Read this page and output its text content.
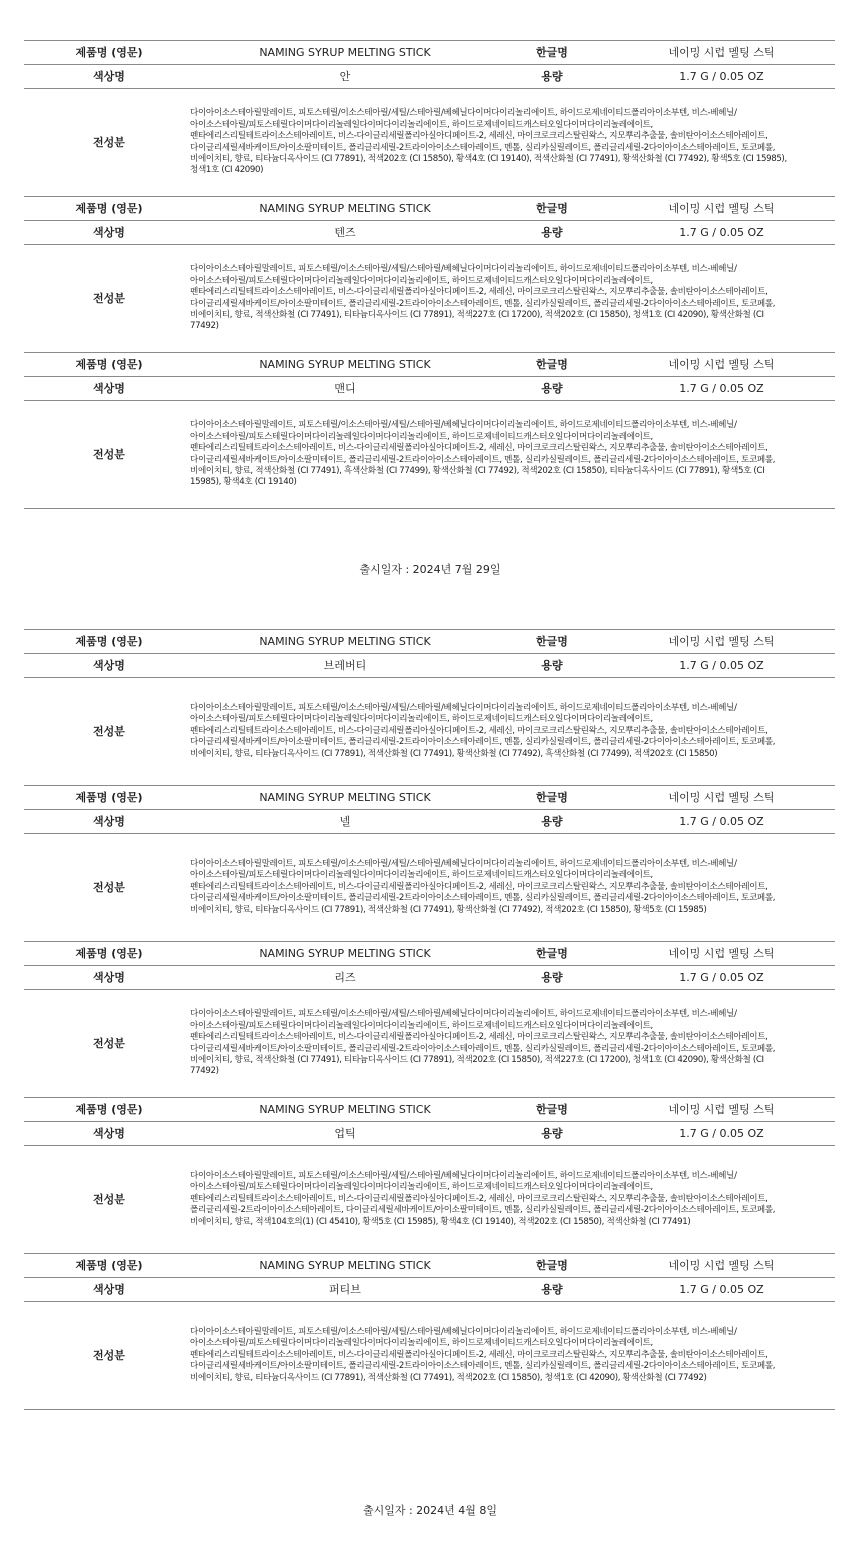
제품명 (영문)	NAMING SYRUP MELTING STICK	한글명	네이밍 시럽 멜팅 스틱
색상명	안	용량	1.7 G / 0.05 OZ
전성분
다이아이소스테아릴말레이트, 피토스테릴/이소스테아릴/세틸/스테아릴/베헤닐다이머다이리놀리에이트, 하이드로제네이티드폴리아이소부텐, 비스-베헤닐/아이소스테아릴/피토스테릴다이머다이리놀레일다이머다이리놀리에이트, 하이드로제네이티드캐스터오일다이머다이리놀레에이트, 펜타에리스리틸테트라이소스테아레이트, 비스-다이글리세릴폴리아실아디페이트-2, 세레신, 마이크로크리스탈린왁스, 지모뿌리추출물, 솔비탄아이소스테아레이트, 다이글리세릴세바케이트/아이소팔미테이트, 폴리글리세릴-2트라이아이소스테아레이트, 멘톨, 실리카실릴레이트, 폴리글리세릴-2다이아이소스테아레이트, 토코페롤, 비에이치티, 향료, 티타늄디옥사이드 (CI 77891), 적색202호 (CI 15850), 황색4호 (CI 19140), 적색산화철 (CI 77491), 황색산화철 (CI 77492), 황색5호 (CI 15985), 청색1호 (CI 42090)
제품명 (영문)	NAMING SYRUP MELTING STICK	한글명	네이밍 시럽 멜팅 스틱
색상명	텐즈	용량	1.7 G / 0.05 OZ
전성분
다이아이소스테아릴말레이트, 피토스테릴/이소스테아릴/세틸/스테아릴/베헤닐다이머다이리놀리에이트, 하이드로제네이티드폴리아이소부텐, 비스-베헤닐/아이소스테아릴/피토스테릴다이머다이리놀레일다이머다이리놀리에이트, 하이드로제네이티드캐스터오일다이머다이리놀레에이트, 펜타에리스리틸테트라이소스테아레이트, 비스-다이글리세릴폴리아실아디페이트-2, 세레신, 마이크로크리스탈린왁스, 지모뿌리추출물, 솔비탄아이소스테아레이트, 다이글리세릴세바케이트/아이소팔미테이트, 폴리글리세릴-2트라이아이소스테아레이트, 멘톨, 실리카실릴레이트, 폴리글리세릴-2다이아이소스테아레이트, 토코페롤, 비에이치티, 향료, 적색산화철 (CI 77491), 티타늄디옥사이드 (CI 77891), 적색227호 (CI 17200), 적색202호 (CI 15850), 청색1호 (CI 42090), 황색산화철 (CI 77492)
제품명 (영문)	NAMING SYRUP MELTING STICK	한글명	네이밍 시럽 멜팅 스틱
색상명	맨디	용량	1.7 G / 0.05 OZ
전성분
다이아이소스테아릴말레이트, 피토스테릴/이소스테아릴/세틸/스테아릴/베헤닐다이머다이리놀리에이트, 하이드로제네이티드폴리아이소부텐, 비스-베헤닐/아이소스테아릴/피토스테릴다이머다이리놀레일다이머다이리놀리에이트, 하이드로제네이티드캐스터오일다이머다이리놀레에이트, 펜타에리스리틸테트라이소스테아레이트, 비스-다이글리세릴폴리아실아디페이트-2, 세레신, 마이크로크리스탈린왁스, 지모뿌리추출물, 솔비탄아이소스테아레이트, 다이글리세릴세바케이트/아이소팔미테이트, 폴리글리세릴-2트라이아이소스테아레이트, 멘톨, 실리카실릴레이트, 폴리글리세릴-2다이아이소스테아레이트, 토코페롤, 비에이치티, 향료, 적색산화철 (CI 77491), 흑색산화철 (CI 77499), 황색산화철 (CI 77492), 적색202호 (CI 15850), 티타늄디옥사이드 (CI 77891), 황색5호 (CI 15985), 황색4호 (CI 19140)
출시일자 : 2024년 7월 29일
제품명 (영문)	NAMING SYRUP MELTING STICK	한글명	네이밍 시럽 멜팅 스틱
색상명	브레버티	용량	1.7 G / 0.05 OZ
전성분
다이아이소스테아릴말레이트, 피토스테릴/이소스테아릴/세틸/스테아릴/베헤닐다이머다이리놀리에이트, 하이드로제네이티드폴리아이소부텐, 비스-베헤닐/아이소스테아릴/피토스테릴다이머다이리놀레일다이머다이리놀리에이트, 하이드로제네이티드캐스터오일다이머다이리놀레에이트, 펜타에리스리틸테트라이소스테아레이트, 비스-다이글리세릴폴리아실아디페이트-2, 세레신, 마이크로크리스탈린왁스, 지모뿌리추출물, 솔비탄아이소스테아레이트, 다이글리세릴세바케이트/아이소팔미테이트, 폴리글리세릴-2트라이아이소스테아레이트, 멘톨, 실리카실릴레이트, 폴리글리세릴-2다이아이소스테아레이트, 토코페롤, 비에이치티, 향료, 티타늄디옥사이드 (CI 77891), 적색산화철 (CI 77491), 황색산화철 (CI 77492), 흑색산화철 (CI 77499), 적색202호 (CI 15850)
제품명 (영문)	NAMING SYRUP MELTING STICK	한글명	네이밍 시럽 멜팅 스틱
색상명	넬	용량	1.7 G / 0.05 OZ
전성분
다이아이소스테아릴말레이트, 피토스테릴/이소스테아릴/세틸/스테아릴/베헤닐다이머다이리놀리에이트, 하이드로제네이티드폴리아이소부텐, 비스-베헤닐/아이소스테아릴/피토스테릴다이머다이리놀레일다이머다이리놀리에이트, 하이드로제네이티드캐스터오일다이머다이리놀레에이트, 펜타에리스리틸테트라이소스테아레이트, 비스-다이글리세릴폴리아실아디페이트-2, 세레신, 마이크로크리스탈린왁스, 지모뿌리추출물, 솔비탄아이소스테아레이트, 다이글리세릴세바케이트/아이소팔미테이트, 폴리글리세릴-2트라이아이소스테아레이트, 멘톨, 실리카실릴레이트, 폴리글리세릴-2다이아이소스테아레이트, 토코페롤, 비에이치티, 향료, 티타늄디옥사이드 (CI 77891), 적색산화철 (CI 77491), 황색산화철 (CI 77492), 적색202호 (CI 15850), 황색5호 (CI 15985)
제품명 (영문)	NAMING SYRUP MELTING STICK	한글명	네이밍 시럽 멜팅 스틱
색상명	리즈	용량	1.7 G / 0.05 OZ
전성분
다이아이소스테아릴말레이트, 피토스테릴/이소스테아릴/세틸/스테아릴/베헤닐다이머다이리놀리에이트, 하이드로제네이티드폴리아이소부텐, 비스-베헤닐/아이소스테아릴/피토스테릴다이머다이리놀레일다이머다이리놀리에이트, 하이드로제네이티드캐스터오일다이머다이리놀레에이트, 펜타에리스리틸테트라이소스테아레이트, 비스-다이글리세릴폴리아실아디페이트-2, 세레신, 마이크로크리스탈린왁스, 지모뿌리추출물, 솔비탄아이소스테아레이트, 다이글리세릴세바케이트/아이소팔미테이트, 폴리글리세릴-2트라이아이소스테아레이트, 멘톨, 실리카실릴레이트, 폴리글리세릴-2다이아이소스테아레이트, 토코페롤, 비에이치티, 향료, 적색산화철 (CI 77491), 티타늄디옥사이드 (CI 77891), 적색202호 (CI 15850), 적색227호 (CI 17200), 청색1호 (CI 42090), 황색산화철 (CI 77492)
제품명 (영문)	NAMING SYRUP MELTING STICK	한글명	네이밍 시럽 멜팅 스틱
색상명	업틱	용량	1.7 G / 0.05 OZ
전성분
다이아이소스테아릴말레이트, 피토스테릴/이소스테아릴/세틸/스테아릴/베헤닐다이머다이리놀리에이트, 하이드로제네이티드폴리아이소부텐, 비스-베헤닐/아이소스테아릴/피토스테릴다이머다이리놀레일다이머다이리놀리에이트, 하이드로제네이티드캐스터오일다이머다이리놀레에이트, 펜타에리스리틸테트라이소스테아레이트, 비스-다이글리세릴폴리아실아디페이트-2, 세레신, 마이크로크리스탈린왁스, 지모뿌리추출물, 솔비탄아이소스테아레이트, 폴리글리세릴-2트라이아이소스테아레이트, 다이글리세릴세바케이트/아이소팔미테이트, 멘톨, 실리카실릴레이트, 폴리글리세릴-2다이아이소스테아레이트, 토코페롤, 비에이치티, 향료, 적색104호의(1) (CI 45410), 황색5호 (CI 15985), 황색4호 (CI 19140), 적색202호 (CI 15850), 적색산화철 (CI 77491)
제품명 (영문)	NAMING SYRUP MELTING STICK	한글명	네이밍 시럽 멜팅 스틱
색상명	퍼티브	용량	1.7 G / 0.05 OZ
전성분
다이아이소스테아릴말레이트, 피토스테릴/이소스테아릴/세틸/스테아릴/베헤닐다이머다이리놀리에이트, 하이드로제네이티드폴리아이소부텐, 비스-베헤닐/아이소스테아릴/피토스테릴다이머다이리놀레일다이머다이리놀리에이트, 하이드로제네이티드캐스터오일다이머다이리놀레에이트, 펜타에리스리틸테트라이소스테아레이트, 비스-다이글리세릴폴리아실아디페이트-2, 세레신, 마이크로크리스탈린왁스, 지모뿌리추출물, 솔비탄아이소스테아레이트, 다이글리세릴세바케이트/아이소팔미테이트, 폴리글리세릴-2트라이아이소스테아레이트, 멘톨, 실리카실릴레이트, 폴리글리세릴-2다이아이소스테아레이트, 토코페롤, 비에이치티, 향료, 티타늄디옥사이드 (CI 77891), 적색산화철 (CI 77491), 적색202호 (CI 15850), 청색1호 (CI 42090), 황색산화철 (CI 77492)
출시일자 : 2024년 4월 8일
